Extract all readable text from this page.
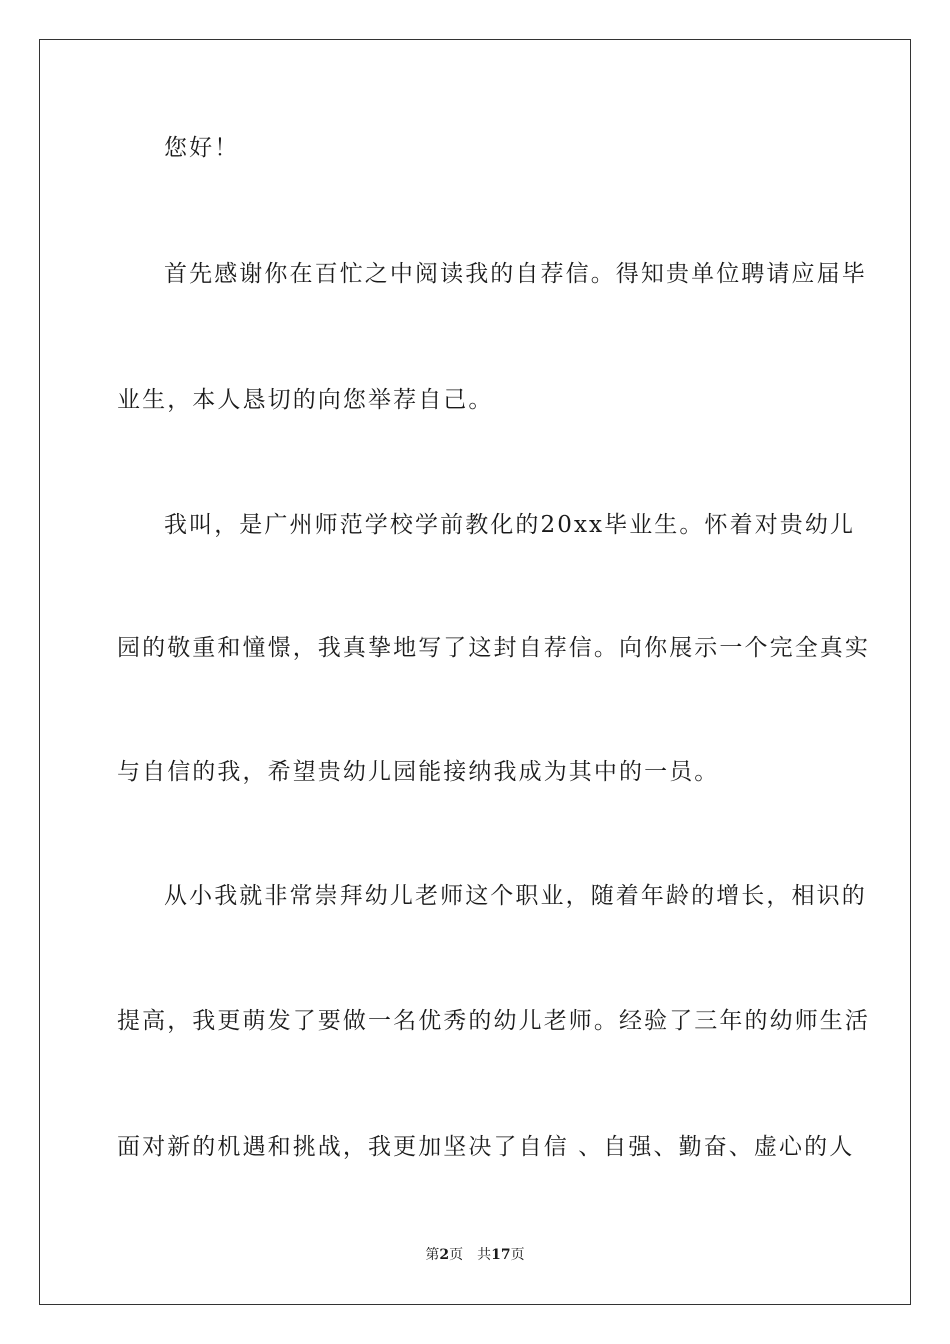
您好！
首先感谢你在百忙之中阅读我的自荐信。得知贵单位聘请应届毕
业生，本人恳切的向您举荐自己。
我叫，是广州师范学校学前教化的20xx毕业生。怀着对贵幼儿
园的敬重和憧憬，我真挚地写了这封自荐信。向你展示一个完全真实
与自信的我，希望贵幼儿园能接纳我成为其中的一员。
从小我就非常崇拜幼儿老师这个职业，随着年龄的增长，相识的
提高，我更萌发了要做一名优秀的幼儿老师。经验了三年的幼师生活
面对新的机遇和挑战，我更加坚决了自信 、自强、勤奋、虚心的人
第2页 共17页
